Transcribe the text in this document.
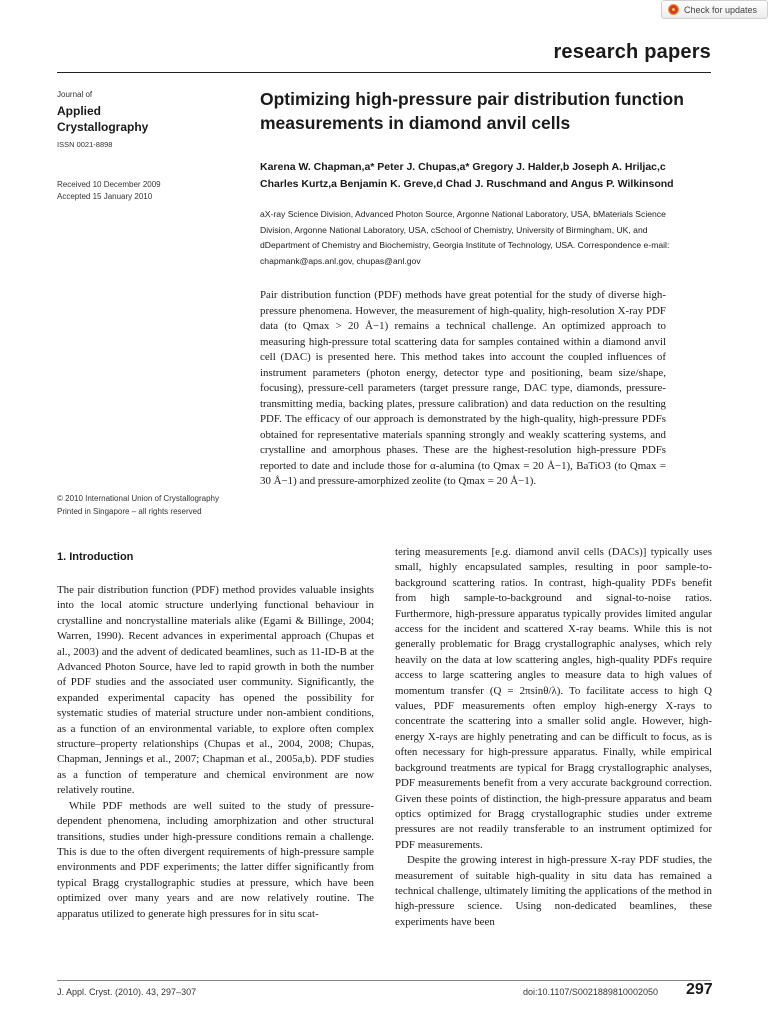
Check for updates
research papers
Journal of
Applied
Crystallography
ISSN 0021-8898
Received 10 December 2009
Accepted 15 January 2010
Optimizing high-pressure pair distribution function
measurements in diamond anvil cells
Karena W. Chapman,a* Peter J. Chupas,a* Gregory J. Halder,b Joseph A. Hriljac,c
Charles Kurtz,a Benjamin K. Greve,d Chad J. Ruschmand and Angus P. Wilkinsond
aX-ray Science Division, Advanced Photon Source, Argonne National Laboratory, USA, bMaterials Science Division, Argonne National Laboratory, USA, cSchool of Chemistry, University of Birmingham, UK, and dDepartment of Chemistry and Biochemistry, Georgia Institute of Technology, USA. Correspondence e-mail: chapmank@aps.anl.gov, chupas@anl.gov
Pair distribution function (PDF) methods have great potential for the study of diverse high-pressure phenomena. However, the measurement of high-quality, high-resolution X-ray PDF data (to Qmax > 20 Å−1) remains a technical challenge. An optimized approach to measuring high-pressure total scattering data for samples contained within a diamond anvil cell (DAC) is presented here. This method takes into account the coupled influences of instrument parameters (photon energy, detector type and positioning, beam size/shape, focusing), pressure-cell parameters (target pressure range, DAC type, diamonds, pressure-transmitting media, backing plates, pressure calibration) and data reduction on the resulting PDF. The efficacy of our approach is demonstrated by the high-quality, high-pressure PDFs obtained for representative materials spanning strongly and weakly scattering systems, and crystalline and amorphous phases. These are the highest-resolution high-pressure PDFs reported to date and include those for α-alumina (to Qmax = 20 Å−1), BaTiO3 (to Qmax = 30 Å−1) and pressure-amorphized zeolite (to Qmax = 20 Å−1).
© 2010 International Union of Crystallography
Printed in Singapore – all rights reserved
1. Introduction

The pair distribution function (PDF) method provides valuable insights into the local atomic structure underlying functional behaviour in crystalline and noncrystalline materials alike (Egami & Billinge, 2004; Warren, 1990). Recent advances in experimental approach (Chupas et al., 2003) and the advent of dedicated beamlines, such as 11-ID-B at the Advanced Photon Source, have led to rapid growth in both the number of PDF studies and the associated user community. Significantly, the expanded experimental capacity has opened the possibility for systematic studies of material structure under non-ambient conditions, as a function of an environmental variable, to explore often complex structure–property relationships (Chupas et al., 2004, 2008; Chupas, Chapman, Jennings et al., 2007; Chapman et al., 2005a,b). PDF studies as a function of temperature and chemical environment are now relatively routine.

While PDF methods are well suited to the study of pressure-dependent phenomena, including amorphization and other structural transitions, studies under high-pressure conditions remain a challenge. This is due to the often divergent requirements of high-pressure sample environments and PDF experiments; the latter differ significantly from typical Bragg crystallographic studies at pressure, which have been optimized over many years and are now relatively routine. The apparatus utilized to generate high pressures for in situ scat-

tering measurements [e.g. diamond anvil cells (DACs)] typically uses small, highly encapsulated samples, resulting in poor sample-to-background scattering ratios. In contrast, high-quality PDFs benefit from high sample-to-background and signal-to-noise ratios. Furthermore, high-pressure apparatus typically provides limited angular access for the incident and scattered X-ray beams. While this is not generally problematic for Bragg crystallographic analyses, which rely heavily on the data at low scattering angles, high-quality PDFs require access to large scattering angles to measure data to high values of momentum transfer (Q = 2πsinθ/λ). To facilitate access to high Q values, PDF measurements often employ high-energy X-rays to concentrate the scattering into a smaller solid angle. However, high-energy X-rays are highly penetrating and can be difficult to focus, as is often necessary for high-pressure apparatus. Finally, while empirical background treatments are typical for Bragg crystallographic analyses, PDF measurements benefit from a very accurate background correction. Given these points of distinction, the high-pressure apparatus and beam optics optimized for Bragg crystallographic studies under extreme pressures are not readily transferable to an instrument optimized for PDF measurements.

Despite the growing interest in high-pressure X-ray PDF studies, the measurement of suitable high-quality in situ data has remained a technical challenge, ultimately limiting the applications of the method in high-pressure science. Using non-dedicated beamlines, these experiments have been

J. Appl. Cryst. (2010). 43, 297–307	doi:10.1107/S0021889810002050 297
